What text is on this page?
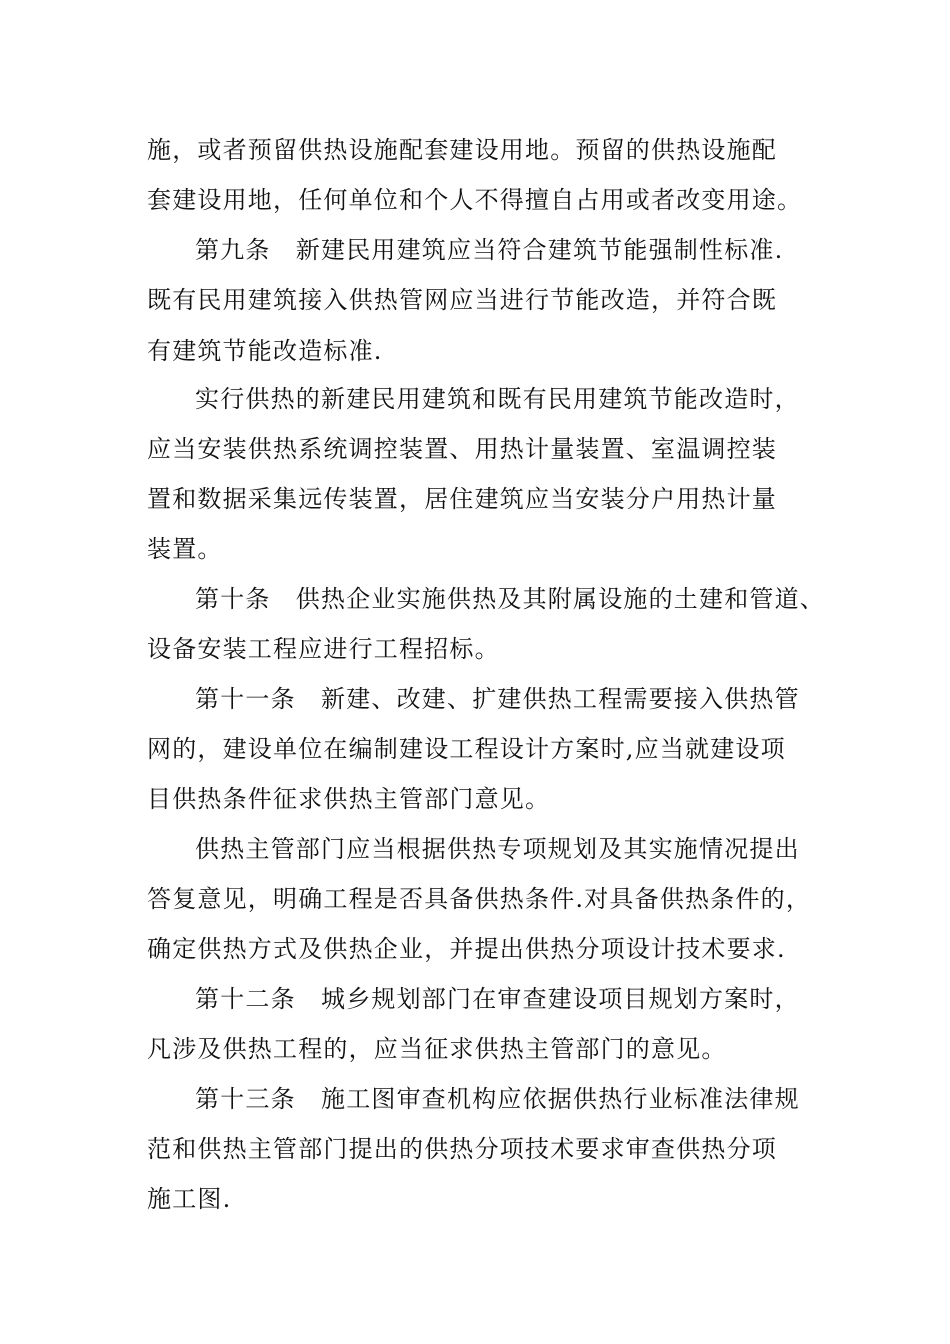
施，或者预留供热设施配套建设用地。预留的供热设施配
套建设用地，任何单位和个人不得擅自占用或者改变用途。
第九条　新建民用建筑应当符合建筑节能强制性标准.
既有民用建筑接入供热管网应当进行节能改造，并符合既
有建筑节能改造标准.
实行供热的新建民用建筑和既有民用建筑节能改造时，
应当安装供热系统调控装置、用热计量装置、室温调控装
置和数据采集远传装置，居住建筑应当安装分户用热计量
装置。
第十条　供热企业实施供热及其附属设施的土建和管道、
设备安装工程应进行工程招标。
第十一条　新建、改建、扩建供热工程需要接入供热管
网的，建设单位在编制建设工程设计方案时,应当就建设项
目供热条件征求供热主管部门意见。
供热主管部门应当根据供热专项规划及其实施情况提出
答复意见，明确工程是否具备供热条件.对具备供热条件的，
确定供热方式及供热企业，并提出供热分项设计技术要求.
第十二条　城乡规划部门在审查建设项目规划方案时，
凡涉及供热工程的，应当征求供热主管部门的意见。
第十三条　施工图审查机构应依据供热行业标准法律规
范和供热主管部门提出的供热分项技术要求审查供热分项
施工图.
